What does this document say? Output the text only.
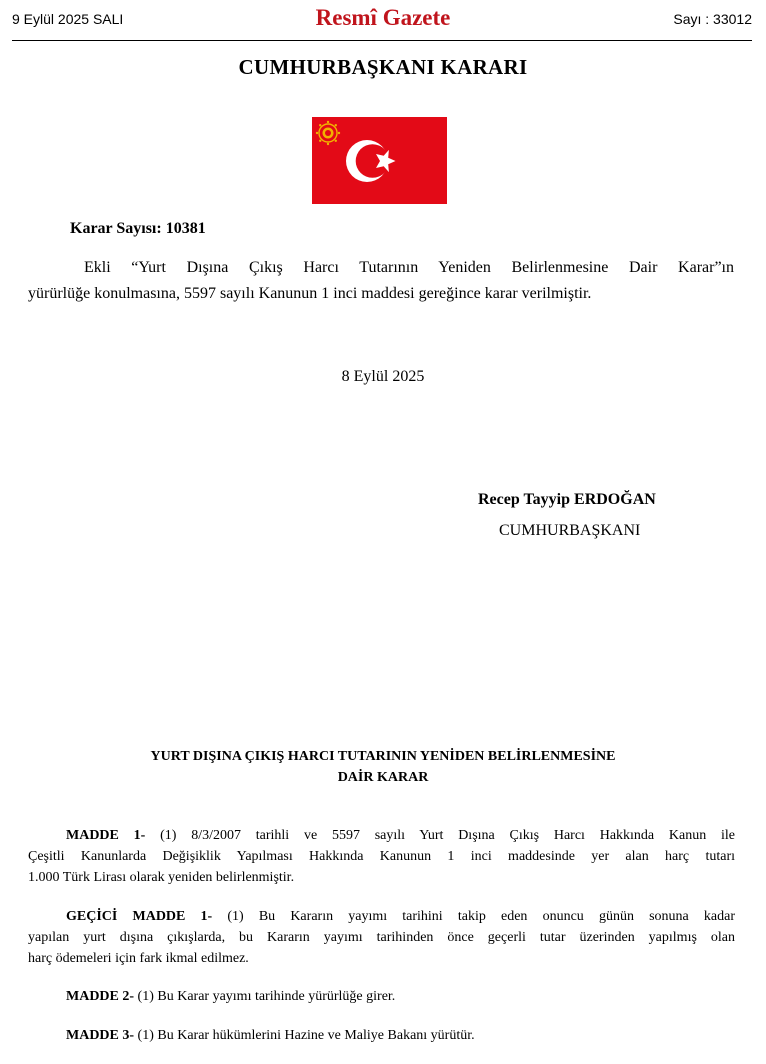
9 Eylül 2025 SALI	Resmî Gazete	Sayı : 33012
CUMHURBAŞKANI KARARI
Karar Sayısı: 10381
Ekli “Yurt Dışına Çıkış Harcı Tutarının Yeniden Belirlenmesine Dair Karar”ın
yürürlüğe konulmasına, 5597 sayılı Kanunun 1 inci maddesi gereğince karar verilmiştir.
8 Eylül 2025
Recep Tayyip ERDOĞAN
CUMHURBAŞKANI
YURT DIŞINA ÇIKIŞ HARCI TUTARININ YENİDEN BELİRLENMESİNE
DAİR KARAR
MADDE 1- (1) 8/3/2007 tarihli ve 5597 sayılı Yurt Dışına Çıkış Harcı Hakkında Kanun ile
Çeşitli Kanunlarda Değişiklik Yapılması Hakkında Kanunun 1 inci maddesinde yer alan harç tutarı
1.000 Türk Lirası olarak yeniden belirlenmiştir.
GEÇİCİ MADDE 1- (1) Bu Kararın yayımı tarihini takip eden onuncu günün sonuna kadar
yapılan yurt dışına çıkışlarda, bu Kararın yayımı tarihinden önce geçerli tutar üzerinden yapılmış olan
harç ödemeleri için fark ikmal edilmez.
MADDE 2- (1) Bu Karar yayımı tarihinde yürürlüğe girer.
MADDE 3- (1) Bu Karar hükümlerini Hazine ve Maliye Bakanı yürütür.
